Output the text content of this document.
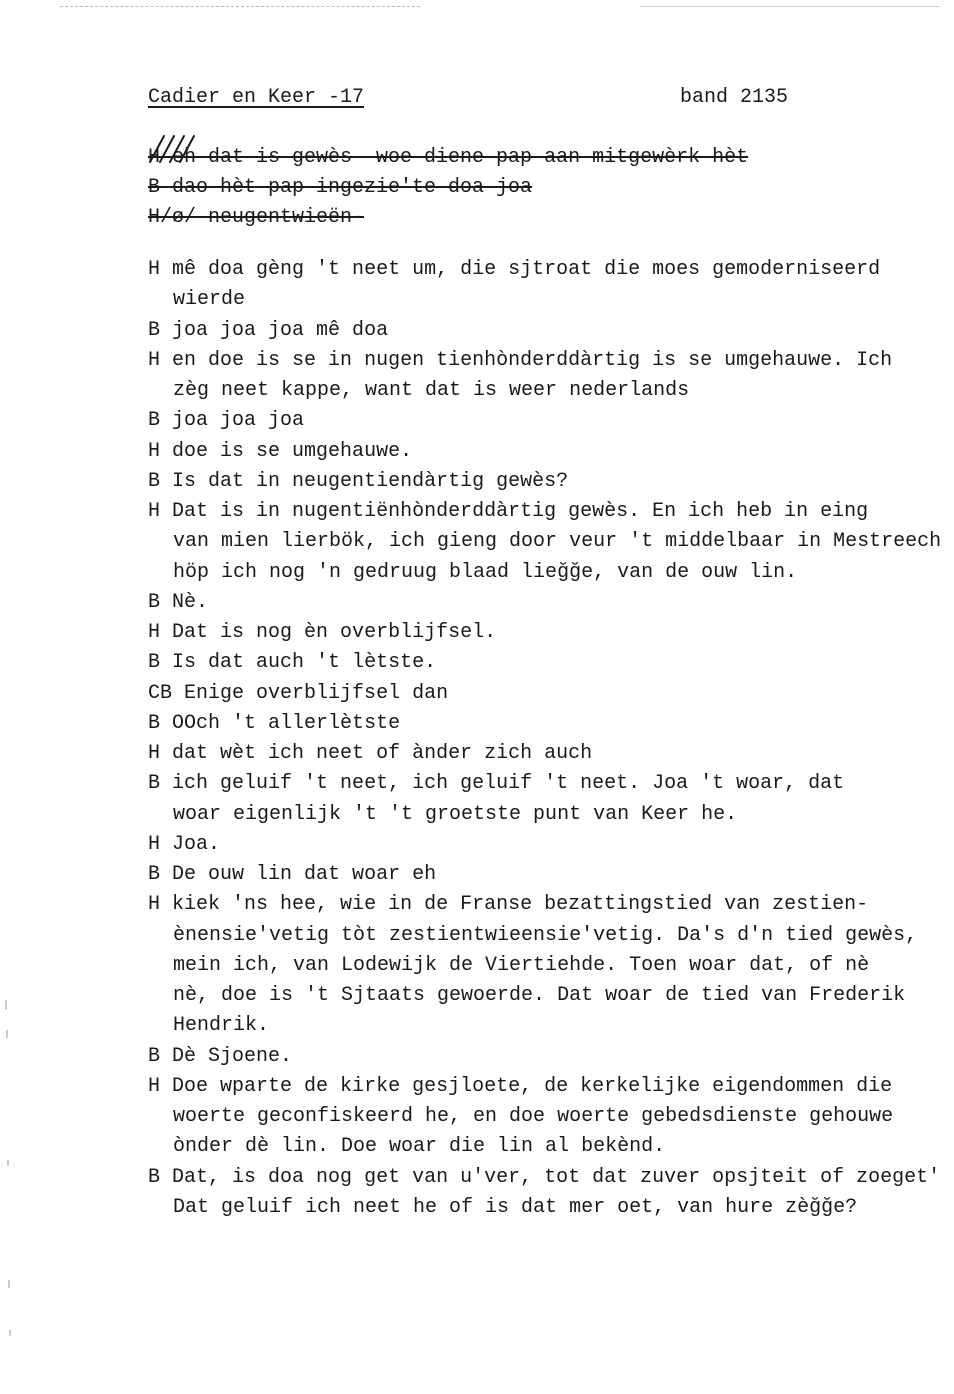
Cadier en Keer -17	band 2135
H eh dat is gewès  woe diene pap aan mitgewèrk hèt
B dao hèt pap ingezie'te doa joa
H/ø/ neugentwieën-
H mê doa gèng 't neet um, die sjtroat die moes gemoderniseerd
wierde
B joa joa joa mê doa
H en doe is se in nugen tienhònderddàrtig is se umgehauwe. Ich
zèg neet kappe, want dat is weer nederlands
B joa joa joa
H doe is se umgehauwe.
B Is dat in neugentiendàrtig gewès?
H Dat is in nugentiënhònderddàrtig gewès. En ich heb in eing
van mien lierbök, ich gieng door veur 't middelbaar in Mestreech
höp ich nog 'n gedruug blaad lieğğe, van de ouw lin.
B Nè.
H Dat is nog èn overblijfsel.
B Is dat auch 't lètste.
CB Enige overblijfsel dan
B OOch 't allerlètste
H dat wèt ich neet of ànder zich auch
B ich geluif 't neet, ich geluif 't neet. Joa 't woar, dat
woar eigenlijk 't 't groetste punt van Keer he.
H Joa.
B De ouw lin dat woar eh
H kiek 'ns hee, wie in de Franse bezattingstied van zestien-
ènensie'vetig tòt zestientwieensie'vetig. Da's d'n tied gewès,
mein ich, van Lodewijk de Viertiehde. Toen woar dat, of nè
nè, doe is 't Sjtaats gewoerde. Dat woar de tied van Frederik
Hendrik.
B Dè Sjoene.
H Doe wparte de kirke gesjloete, de kerkelijke eigendommen die
woerte geconfiskeerd he, en doe woerte gebedsdienste gehouwe
ònder dè lin. Doe woar die lin al bekènd.
B Dat, is doa nog get van u'ver, tot dat zuver opsjteit of zoeget'
Dat geluif ich neet he of is dat mer oet, van hure zèğğe?
